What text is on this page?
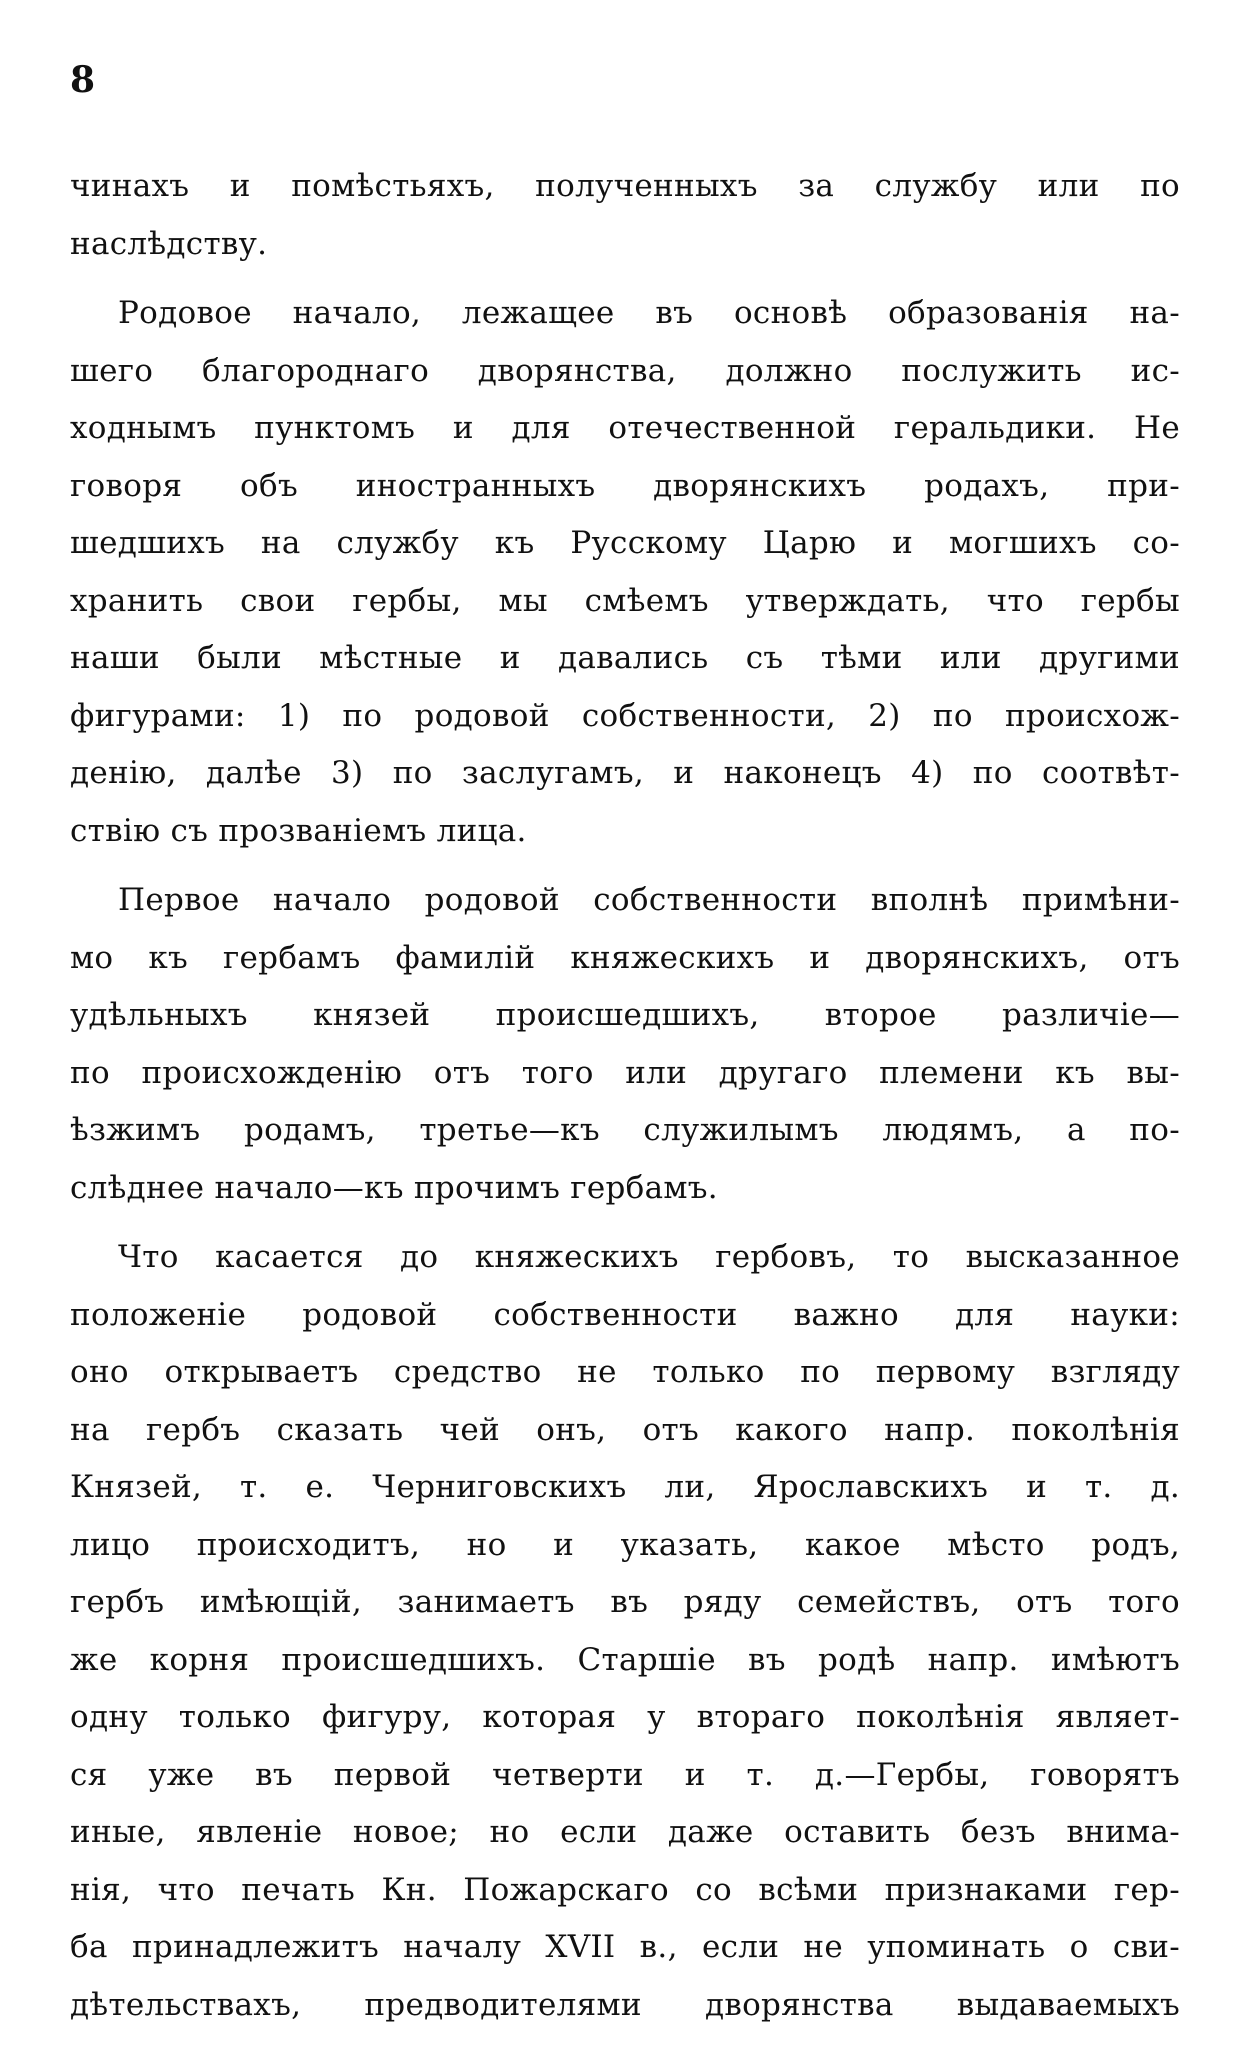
8
чинахъ и помѣстьяхъ, полученныхъ за службу или по
наслѣдству.
Родовое начало, лежащее въ основѣ образованія на-
шего благороднаго дворянства, должно послужить ис-
ходнымъ пунктомъ и для отечественной геральдики. Не
говоря объ иностранныхъ дворянскихъ родахъ, при-
шедшихъ на службу къ Русскому Царю и могшихъ со-
хранить свои гербы, мы смѣемъ утверждать, что гербы
наши были мѣстные и давались съ тѣми или другими
фигурами: 1) по родовой собственности, 2) по происхож-
денію, далѣе 3) по заслугамъ, и наконецъ 4) по соотвѣт-
ствію съ прозваніемъ лица.
Первое начало родовой собственности вполнѣ примѣни-
мо къ гербамъ фамилій княжескихъ и дворянскихъ, отъ
удѣльныхъ князей происшедшихъ, второе различіе—
по происхожденію отъ того или другаго племени къ вы-
ѣзжимъ родамъ, третье—къ служилымъ людямъ, а по-
слѣднее начало—къ прочимъ гербамъ.
Что касается до княжескихъ гербовъ, то высказанное
положеніе родовой собственности важно для науки:
оно открываетъ средство не только по первому взгляду
на гербъ сказать чей онъ, отъ какого напр. поколѣнія
Князей, т. е. Черниговскихъ ли, Ярославскихъ и т. д.
лицо происходитъ, но и указать, какое мѣсто родъ,
гербъ имѣющій, занимаетъ въ ряду семействъ, отъ того
же корня происшедшихъ. Старшіе въ родѣ напр. имѣютъ
одну только фигуру, которая у втораго поколѣнія являет-
ся уже въ первой четверти и т. д.—Гербы, говорятъ
иные, явленіе новое; но если даже оставить безъ внима-
нія, что печать Кн. Пожарскаго со всѣми признаками гер-
ба принадлежитъ началу XVII в., если не упоминать о сви-
дѣтельствахъ, предводителями дворянства выдаваемыхъ
